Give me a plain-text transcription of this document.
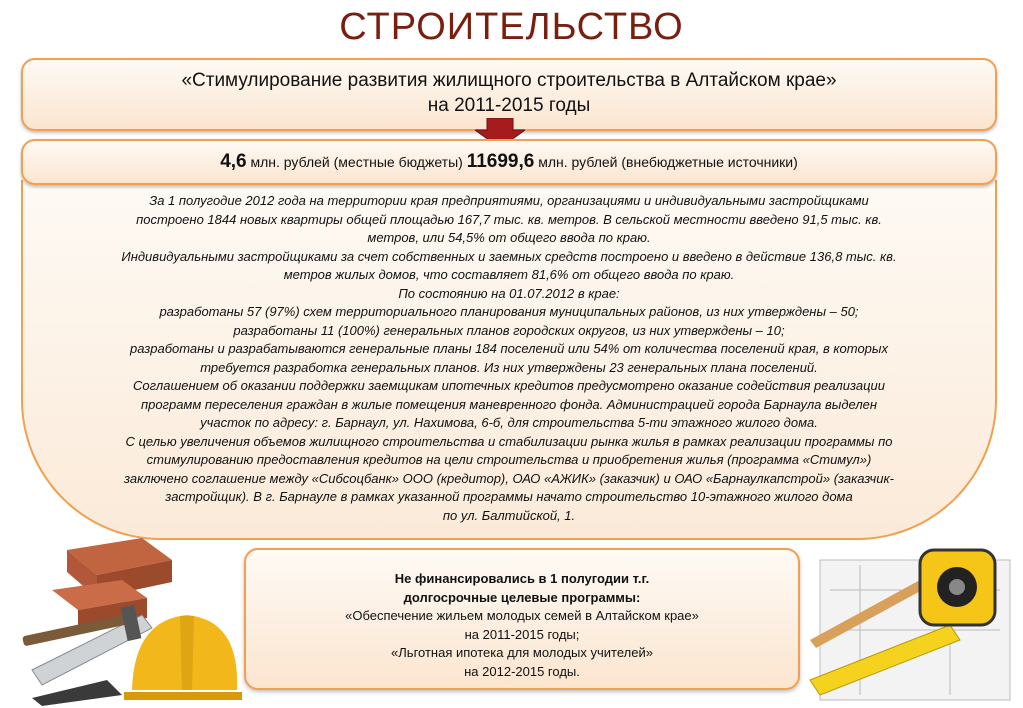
СТРОИТЕЛЬСТВО

За 1 полугодие 2012 года на территории края предприятиями, организациями и индивидуальными застройщиками

построено 1844 новых квартиры общей площадью 167,7 тыс. кв. метров. В сельской местности введено 91,5 тыс. кв.

метров, или 54,5% от общего ввода по краю.

Индивидуальными застройщиками за счет собственных и заемных средств построено и введено в действие 136,8 тыс. кв.

метров жилых домов, что составляет 81,6% от общего ввода по краю.

По состоянию на 01.07.2012 в крае:

разработаны 57 (97%) схем территориального планирования муниципальных районов, из них утверждены – 50;

разработаны 11 (100%) генеральных планов городских округов, из них утверждены – 10;

разработаны и разрабатываются генеральные планы 184 поселений или 54% от количества поселений края, в которых

требуется разработка генеральных планов. Из них утверждены 23 генеральных плана поселений.

Соглашением об оказании поддержки заемщикам ипотечных кредитов предусмотрено оказание содействия реализации

программ переселения граждан в жилые помещения маневренного фонда. Администрацией города Барнаула выделен

участок по адресу: г. Барнаул, ул. Нахимова, 6-б, для строительства 5-ти этажного жилого дома.

С целью увеличения объемов жилищного строительства и стабилизации рынка жилья в рамках реализации программы по

стимулированию предоставления кредитов на цели строительства и приобретения жилья (программа «Стимул»)

заключено соглашение между «Сибсоцбанк» ООО (кредитор), ОАО «АЖИК» (заказчик) и ОАО «Барнаулкапстрой» (заказчик-

застройщик). В г. Барнауле в рамках указанной программы начато строительство 10-этажного жилого дома

по ул. Балтийской, 1.

«Стимулирование развития жилищного строительства в Алтайском крае»
на 2011-2015 годы
4,6 млн. рублей (местные бюджеты) 11699,6 млн. рублей (внебюджетные источники)

Не финансировались в 1 полугодии т.г.

долгосрочные целевые программы:

«Обеспечение жильем молодых семей в Алтайском крае»

на 2011-2015 годы;

«Льготная ипотека для молодых учителей»

на 2012-2015 годы.
